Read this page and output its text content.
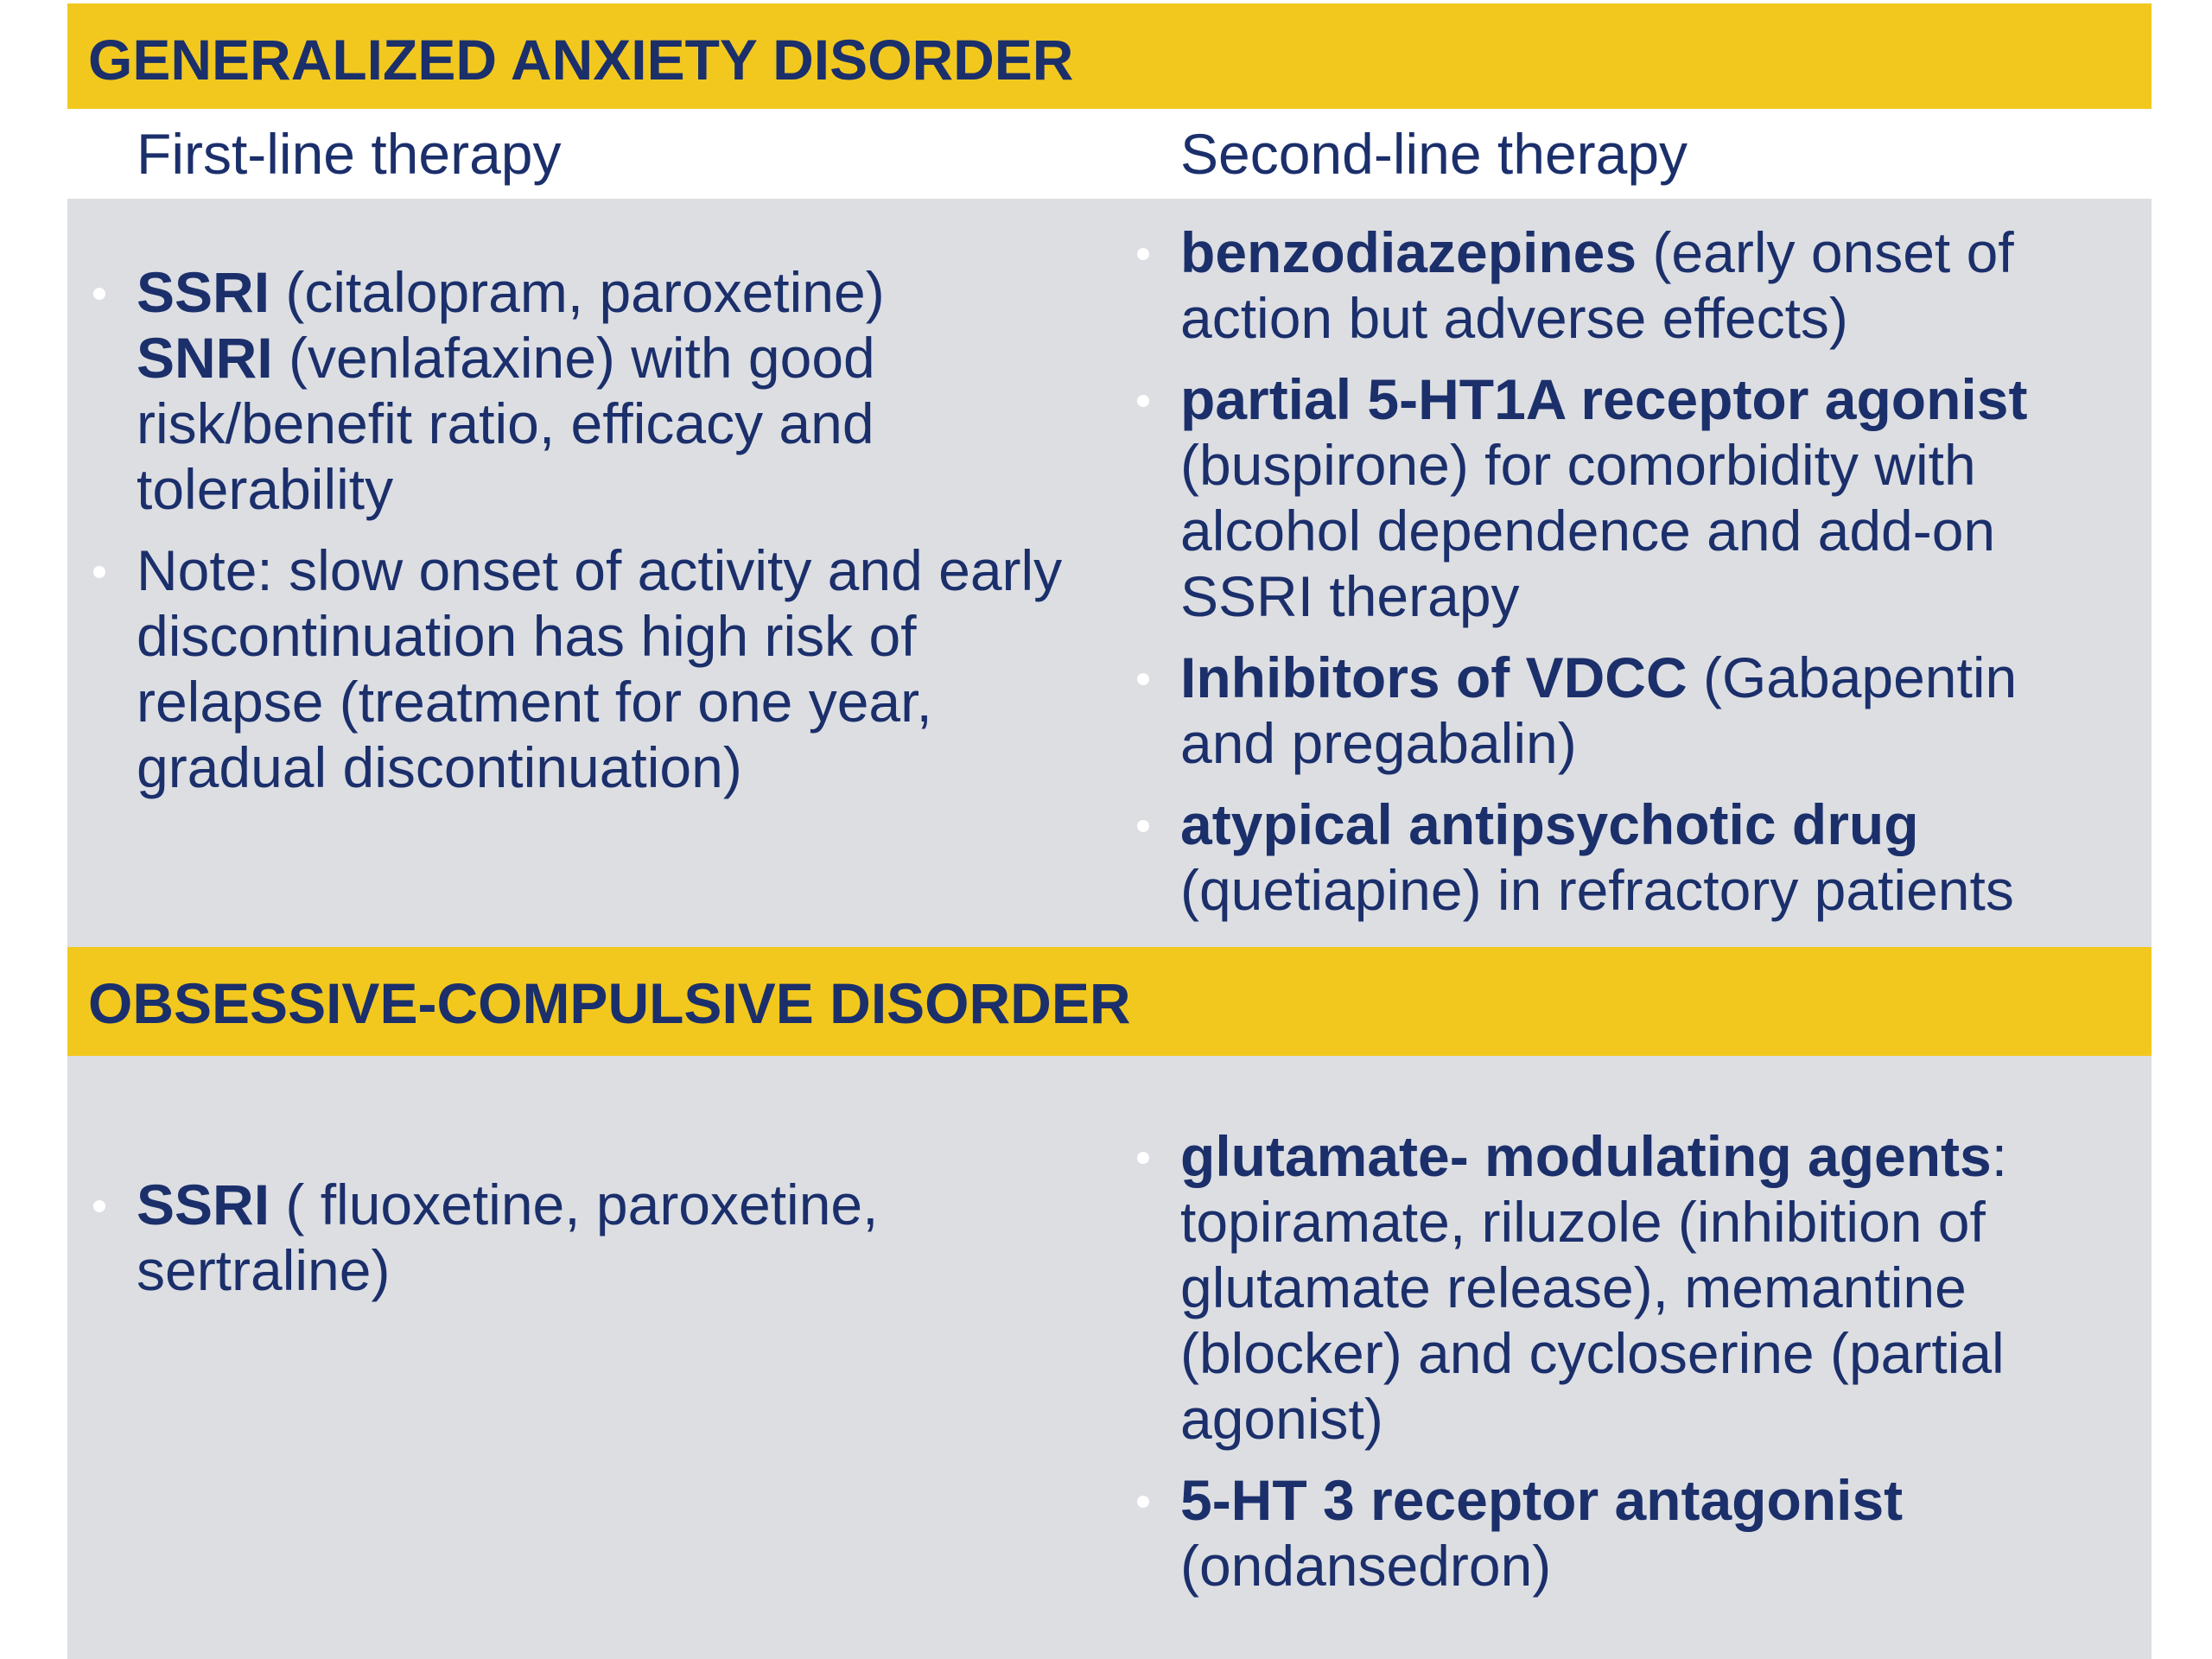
GENERALIZED ANXIETY DISORDER
First-line therapy	Second-line therapy
SSRI (citalopram, paroxetine)
SNRI (venlafaxine) with good risk/benefit ratio, efficacy and tolerability
Note: slow onset of activity and early discontinuation has high risk of relapse (treatment for one year, gradual discontinuation)
benzodiazepines (early onset of action but adverse effects)
partial 5-HT1A receptor agonist (buspirone) for comorbidity with alcohol dependence and add-on SSRI therapy
Inhibitors of VDCC (Gabapentin and pregabalin)
atypical antipsychotic drug (quetiapine) in refractory patients
OBSESSIVE-COMPULSIVE DISORDER
SSRI ( fluoxetine, paroxetine, sertraline)
glutamate- modulating agents: topiramate, riluzole (inhibition of glutamate release), memantine (blocker) and cycloserine (partial agonist)
5-HT 3 receptor antagonist (ondansedron)
